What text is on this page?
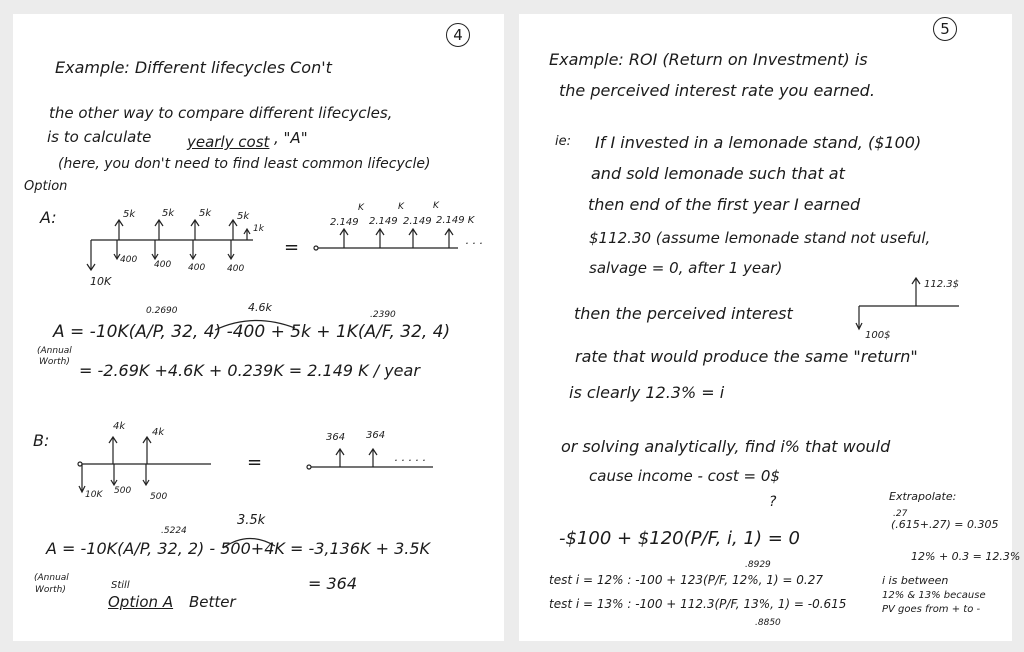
4
Example: Different lifecycles Con't
the other way to compare different lifecycles,
is to calculate yearly cost , "A"
(here, you don't need to find least common lifecycle)
Option
A:	5k	5k 5k	5k
1k
400 400 400 400
10K
=
2.149 2.149 2.149 2.149 K
K	K	K
· · ·
0.2690	4.6k
.2390
A = -10K(A/P, 32, 4) -400 + 5k + 1K(A/F, 32, 4)
(Annual
Worth) = -2.69K +4.6K + 0.239K = 2.149 K / year
B:
4k
4k
10K 500
500
=
364 364
· · · · ·
.5224
3.5k
A = -10K(A/P, 32, 2) - 500+4K = -3,136K + 3.5K
(Annual
Worth)	Still
Option A Better
= 364
5
Example: ROI (Return on Investment) is
the perceived interest rate you earned.
ie: If I invested in a lemonade stand, ($100)
and sold lemonade such that at
then end of the first year I earned
$112.30 (assume lemonade stand not useful,
salvage = 0, after 1 year)
112.3$
100$
then the perceived interest
rate that would produce the same "return"
is clearly 12.3% = i
or solving analytically, find i% that would
cause income - cost = 0$
?
-$100 + $120(P/F, i, 1) = 0
Extrapolate:
.27
(.615+.27) = 0.305
12% + 0.3 = 12.3%
.8929
test i = 12% : -100 + 123(P/F, 12%, 1) = 0.27
test i = 13% : -100 + 112.3(P/F, 13%, 1) = -0.615
.8850
i is between
12% & 13% because
PV goes from + to -
